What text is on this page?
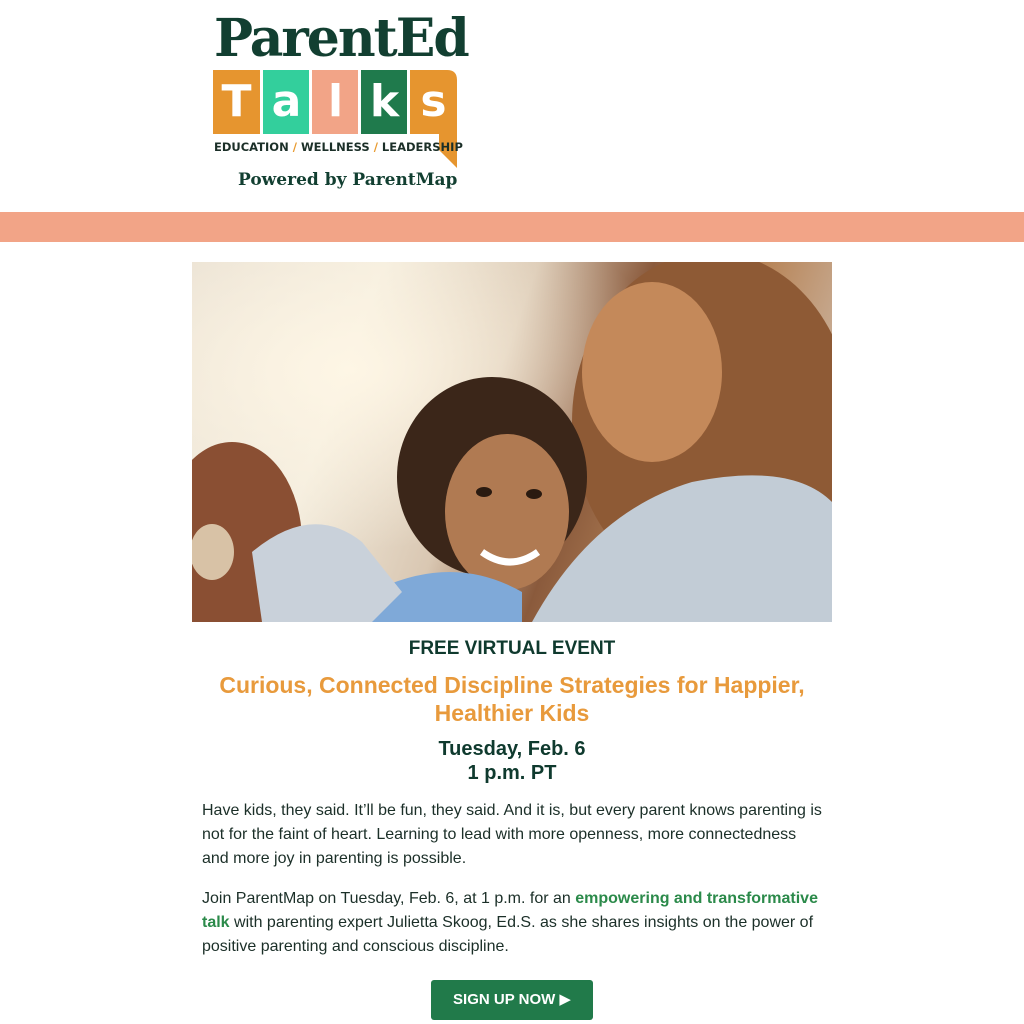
ParentEd
T a l k s
EDUCATION / WELLNESS / LEADERSHIP
Powered by ParentMap
FREE VIRTUAL EVENT
Curious, Connected Discipline Strategies for Happier, Healthier Kids
Tuesday, Feb. 6
1 p.m. PT
Have kids, they said. It’ll be fun, they said. And it is, but every parent knows parenting is not for the faint of heart. Learning to lead with more openness, more connectedness and more joy in parenting is possible.
Join ParentMap on Tuesday, Feb. 6, at 1 p.m. for an empowering and transformative talk with parenting expert Julietta Skoog, Ed.S. as she shares insights on the power of positive parenting and conscious discipline.
SIGN UP NOW ▶
